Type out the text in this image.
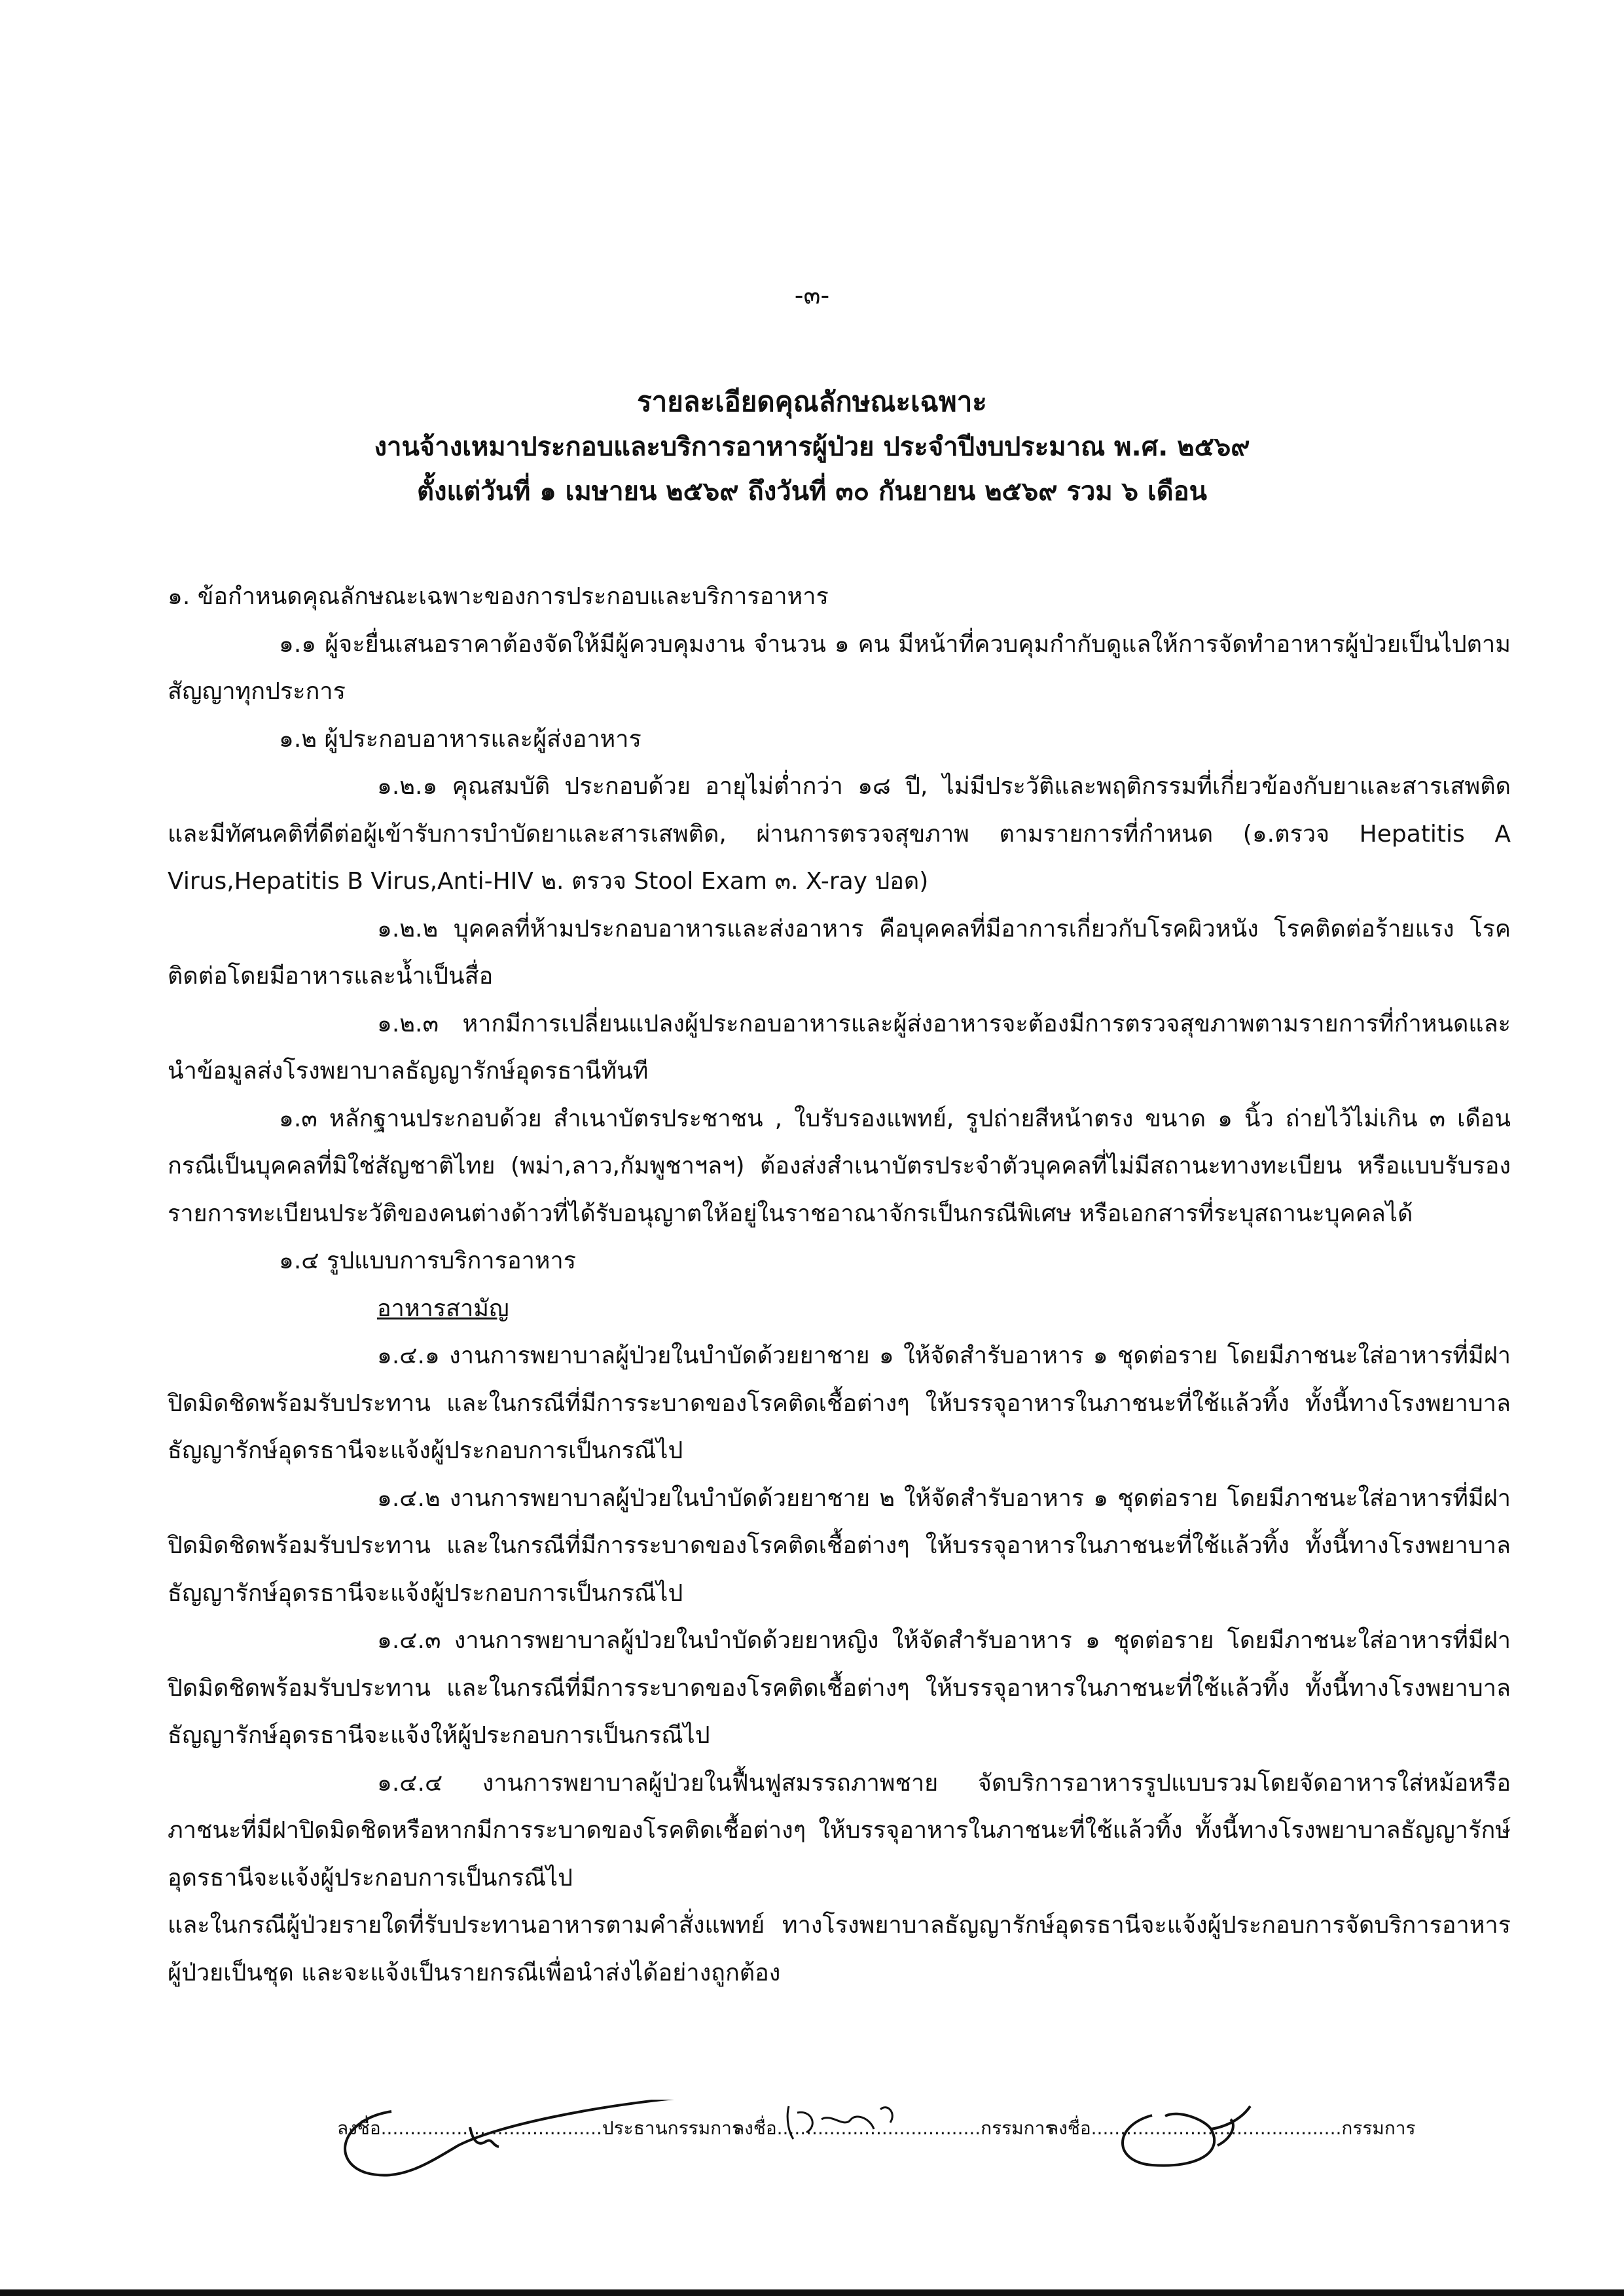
-๓-
รายละเอียดคุณลักษณะเฉพาะ
งานจ้างเหมาประกอบและบริการอาหารผู้ป่วย ประจำปีงบประมาณ พ.ศ. ๒๕๖๙
ตั้งแต่วันที่ ๑ เมษายน ๒๕๖๙ ถึงวันที่ ๓๐ กันยายน ๒๕๖๙ รวม ๖ เดือน

๑. ข้อกำหนดคุณลักษณะเฉพาะของการประกอบและบริการอาหาร

๑.๑ ผู้จะยื่นเสนอราคาต้องจัดให้มีผู้ควบคุมงาน จำนวน ๑ คน มีหน้าที่ควบคุมกำกับดูแลให้การจัดทำอาหารผู้ป่วยเป็นไปตามสัญญาทุกประการ

๑.๒ ผู้ประกอบอาหารและผู้ส่งอาหาร

๑.๒.๑ คุณสมบัติ ประกอบด้วย อายุไม่ต่ำกว่า ๑๘ ปี, ไม่มีประวัติและพฤติกรรมที่เกี่ยวข้องกับยาและสารเสพติด และมีทัศนคติที่ดีต่อผู้เข้ารับการบำบัดยาและสารเสพติด, ผ่านการตรวจสุขภาพ ตามรายการที่กำหนด (๑.ตรวจ Hepatitis A Virus,Hepatitis B Virus,Anti-HIV ๒. ตรวจ Stool Exam ๓. X-ray ปอด)

๑.๒.๒ บุคคลที่ห้ามประกอบอาหารและส่งอาหาร คือบุคคลที่มีอาการเกี่ยวกับโรคผิวหนัง โรคติดต่อร้ายแรง โรคติดต่อโดยมีอาหารและน้ำเป็นสื่อ

๑.๒.๓ หากมีการเปลี่ยนแปลงผู้ประกอบอาหารและผู้ส่งอาหารจะต้องมีการตรวจสุขภาพตามรายการที่กำหนดและนำข้อมูลส่งโรงพยาบาลธัญญารักษ์อุดรธานีทันที

๑.๓ หลักฐานประกอบด้วย สำเนาบัตรประชาชน , ใบรับรองแพทย์, รูปถ่ายสีหน้าตรง ขนาด ๑ นิ้ว ถ่ายไว้ไม่เกิน ๓ เดือน กรณีเป็นบุคคลที่มิใช่สัญชาติไทย (พม่า,ลาว,กัมพูชาฯลฯ) ต้องส่งสำเนาบัตรประจำตัวบุคคลที่ไม่มีสถานะทางทะเบียน หรือแบบรับรองรายการทะเบียนประวัติของคนต่างด้าวที่ได้รับอนุญาตให้อยู่ในราชอาณาจักรเป็นกรณีพิเศษ หรือเอกสารที่ระบุสถานะบุคคลได้

๑.๔ รูปแบบการบริการอาหาร

อาหารสามัญ

๑.๔.๑ งานการพยาบาลผู้ป่วยในบำบัดด้วยยาชาย ๑ ให้จัดสำรับอาหาร ๑ ชุดต่อราย โดยมีภาชนะใส่อาหารที่มีฝาปิดมิดชิดพร้อมรับประทาน และในกรณีที่มีการระบาดของโรคติดเชื้อต่างๆ ให้บรรจุอาหารในภาชนะที่ใช้แล้วทิ้ง ทั้งนี้ทางโรงพยาบาลธัญญารักษ์อุดรธานีจะแจ้งผู้ประกอบการเป็นกรณีไป

๑.๔.๒ งานการพยาบาลผู้ป่วยในบำบัดด้วยยาชาย ๒ ให้จัดสำรับอาหาร ๑ ชุดต่อราย โดยมีภาชนะใส่อาหารที่มีฝาปิดมิดชิดพร้อมรับประทาน และในกรณีที่มีการระบาดของโรคติดเชื้อต่างๆ ให้บรรจุอาหารในภาชนะที่ใช้แล้วทิ้ง ทั้งนี้ทางโรงพยาบาลธัญญารักษ์อุดรธานีจะแจ้งผู้ประกอบการเป็นกรณีไป

๑.๔.๓ งานการพยาบาลผู้ป่วยในบำบัดด้วยยาหญิง ให้จัดสำรับอาหาร ๑ ชุดต่อราย โดยมีภาชนะใส่อาหารที่มีฝาปิดมิดชิดพร้อมรับประทาน และในกรณีที่มีการระบาดของโรคติดเชื้อต่างๆ ให้บรรจุอาหารในภาชนะที่ใช้แล้วทิ้ง ทั้งนี้ทางโรงพยาบาลธัญญารักษ์อุดรธานีจะแจ้งให้ผู้ประกอบการเป็นกรณีไป

๑.๔.๔ งานการพยาบาลผู้ป่วยในฟื้นฟูสมรรถภาพชาย จัดบริการอาหารรูปแบบรวมโดยจัดอาหารใส่หม้อหรือภาชนะที่มีฝาปิดมิดชิดหรือหากมีการระบาดของโรคติดเชื้อต่างๆ ให้บรรจุอาหารในภาชนะที่ใช้แล้วทิ้ง ทั้งนี้ทางโรงพยาบาลธัญญารักษ์อุดรธานีจะแจ้งผู้ประกอบการเป็นกรณีไป

และในกรณีผู้ป่วยรายใดที่รับประทานอาหารตามคำสั่งแพทย์ ทางโรงพยาบาลธัญญารักษ์อุดรธานีจะแจ้งผู้ประกอบการจัดบริการอาหารผู้ป่วยเป็นชุด และจะแจ้งเป็นรายกรณีเพื่อนำส่งได้อย่างถูกต้อง

ลงชื่อ......................................ประธานกรรมการ
ลงชื่อ...................................กรรมการ
ลงชื่อ...........................................กรรมการ
